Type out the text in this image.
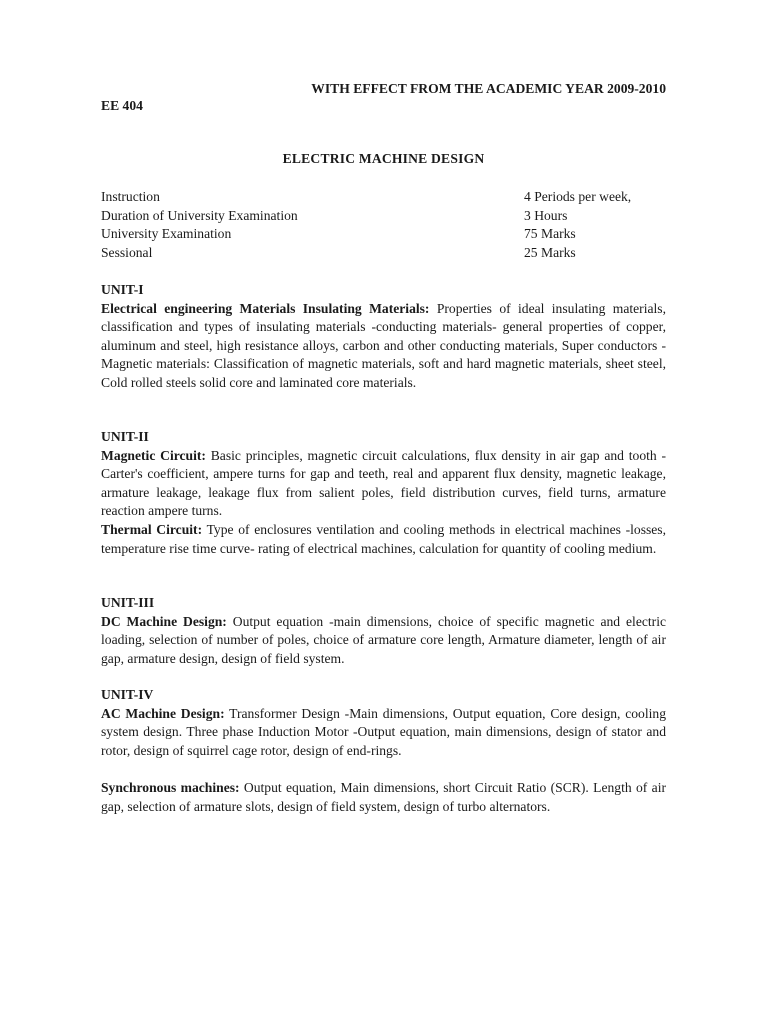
WITH EFFECT FROM THE ACADEMIC YEAR 2009-2010
EE 404
ELECTRIC MACHINE DESIGN
Instruction	4 Periods per week,
Duration of University Examination	3 Hours
University Examination	75 Marks
Sessional	25 Marks
UNIT-I
Electrical engineering Materials Insulating Materials: Properties of ideal insulating materials, classification and types of insulating materials -conducting materials- general properties of copper, aluminum and steel, high resistance alloys, carbon and other conducting materials, Super conductors -Magnetic materials: Classification of magnetic materials, soft and hard magnetic materials, sheet steel, Cold rolled steels solid core and laminated core materials.
UNIT-II
Magnetic Circuit: Basic principles, magnetic circuit calculations, flux density in air gap and tooth -Carter's coefficient, ampere turns for gap and teeth, real and apparent flux density, magnetic leakage, armature leakage, leakage flux from salient poles, field distribution curves, field turns, armature reaction ampere turns.
Thermal Circuit: Type of enclosures ventilation and cooling methods in electrical machines -losses, temperature rise time curve- rating of electrical machines, calculation for quantity of cooling medium.
UNIT-III
DC Machine Design: Output equation -main dimensions, choice of specific magnetic and electric loading, selection of number of poles, choice of armature core length, Armature diameter, length of air gap, armature design, design of field system.
UNIT-IV
AC Machine Design: Transformer Design -Main dimensions, Output equation, Core design, cooling system design. Three phase Induction Motor -Output equation, main dimensions, design of stator and rotor, design of squirrel cage rotor, design of end-rings.
Synchronous machines: Output equation, Main dimensions, short Circuit Ratio (SCR). Length of air gap, selection of armature slots, design of field system, design of turbo alternators.
